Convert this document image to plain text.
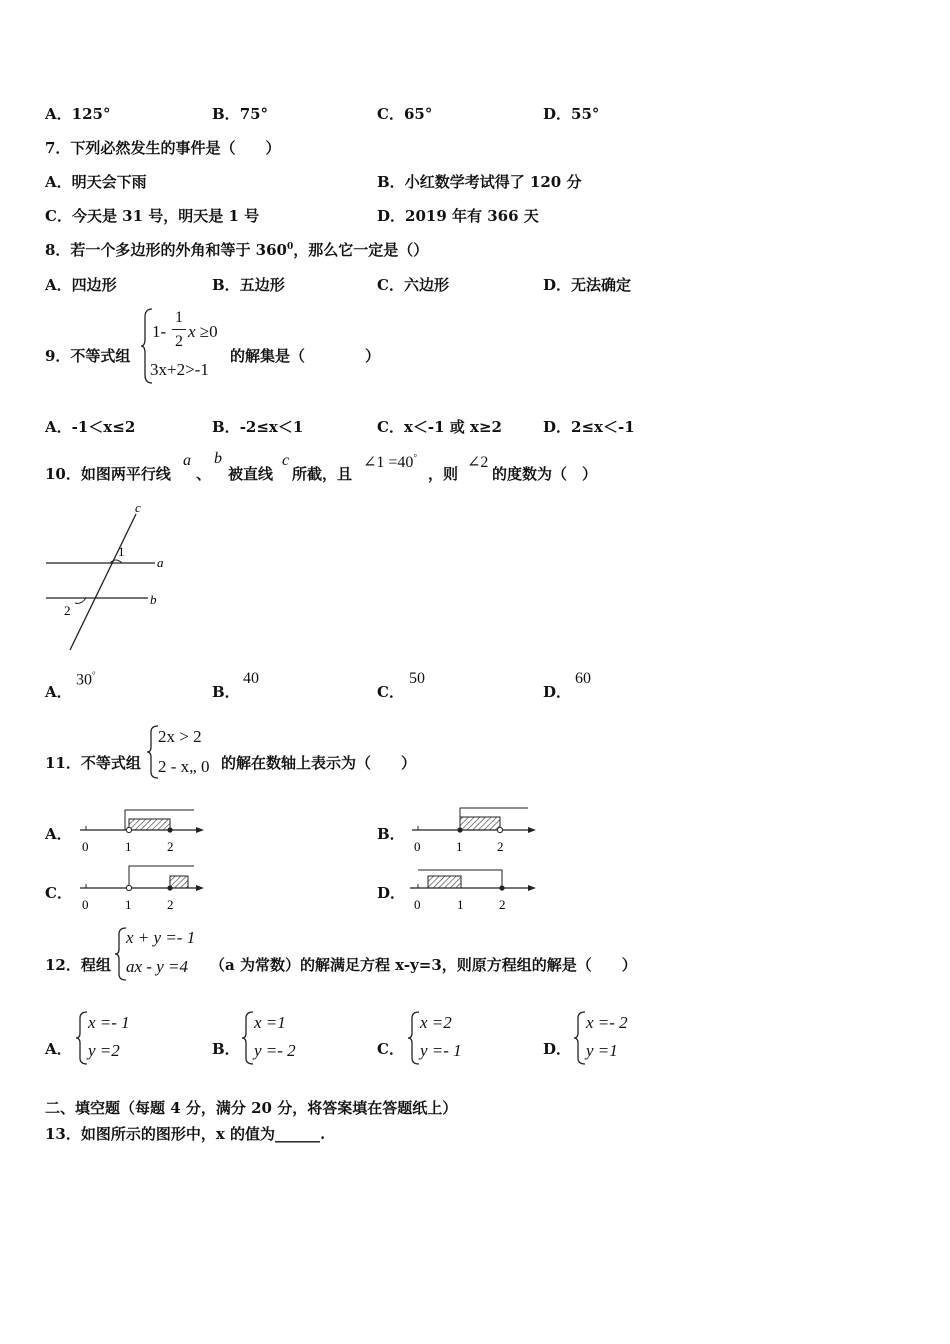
A．125°	B．75°	C．65°	D．55°
7．下列必然发生的事件是（　　）
A．明天会下雨	B．小红数学考试得了 120 分
C．今天是 31 号，明天是 1 号	D．2019 年有 366 天
8．若一个多边形的外角和等于 $360^0$，那么它一定是（）
A．四边形	B．五边形	C．六边形	D．无法确定
9．不等式组
1-
1
2
x ≥0
3x+2>-1
的解集是（　　　　）
A．-1＜x≤2	B．-2≤x＜1	C．x＜-1 或 x≥2	D．2≤x＜-1
10．如图两平行线
a
、
b
被直线
c
所截，且
∠1 =40°
，则
∠2
的度数为（　）
c
a
b
1
2
A．
30°
B．
40
C．
50
D．
60
11．不等式组
2x > 2
2 - x„ 0 的解在数轴上表示为（　　）
A．
0	1	2
B．
0	1	2
C．
0	1	2
D．
0	1	2
12．程组
x + y =- 1
ax - y =4 （a 为常数）的解满足方程 x-y=3，则原方程组的解是（　　）
A．
x =- 1
y =2	B．
x =1
y =- 2	C．
x =2
y =- 1	D．
x =- 2
y =1
二、填空题（每题 4 分，满分 20 分，将答案填在答题纸上）
13．如图所示的图形中，x 的值为______.
